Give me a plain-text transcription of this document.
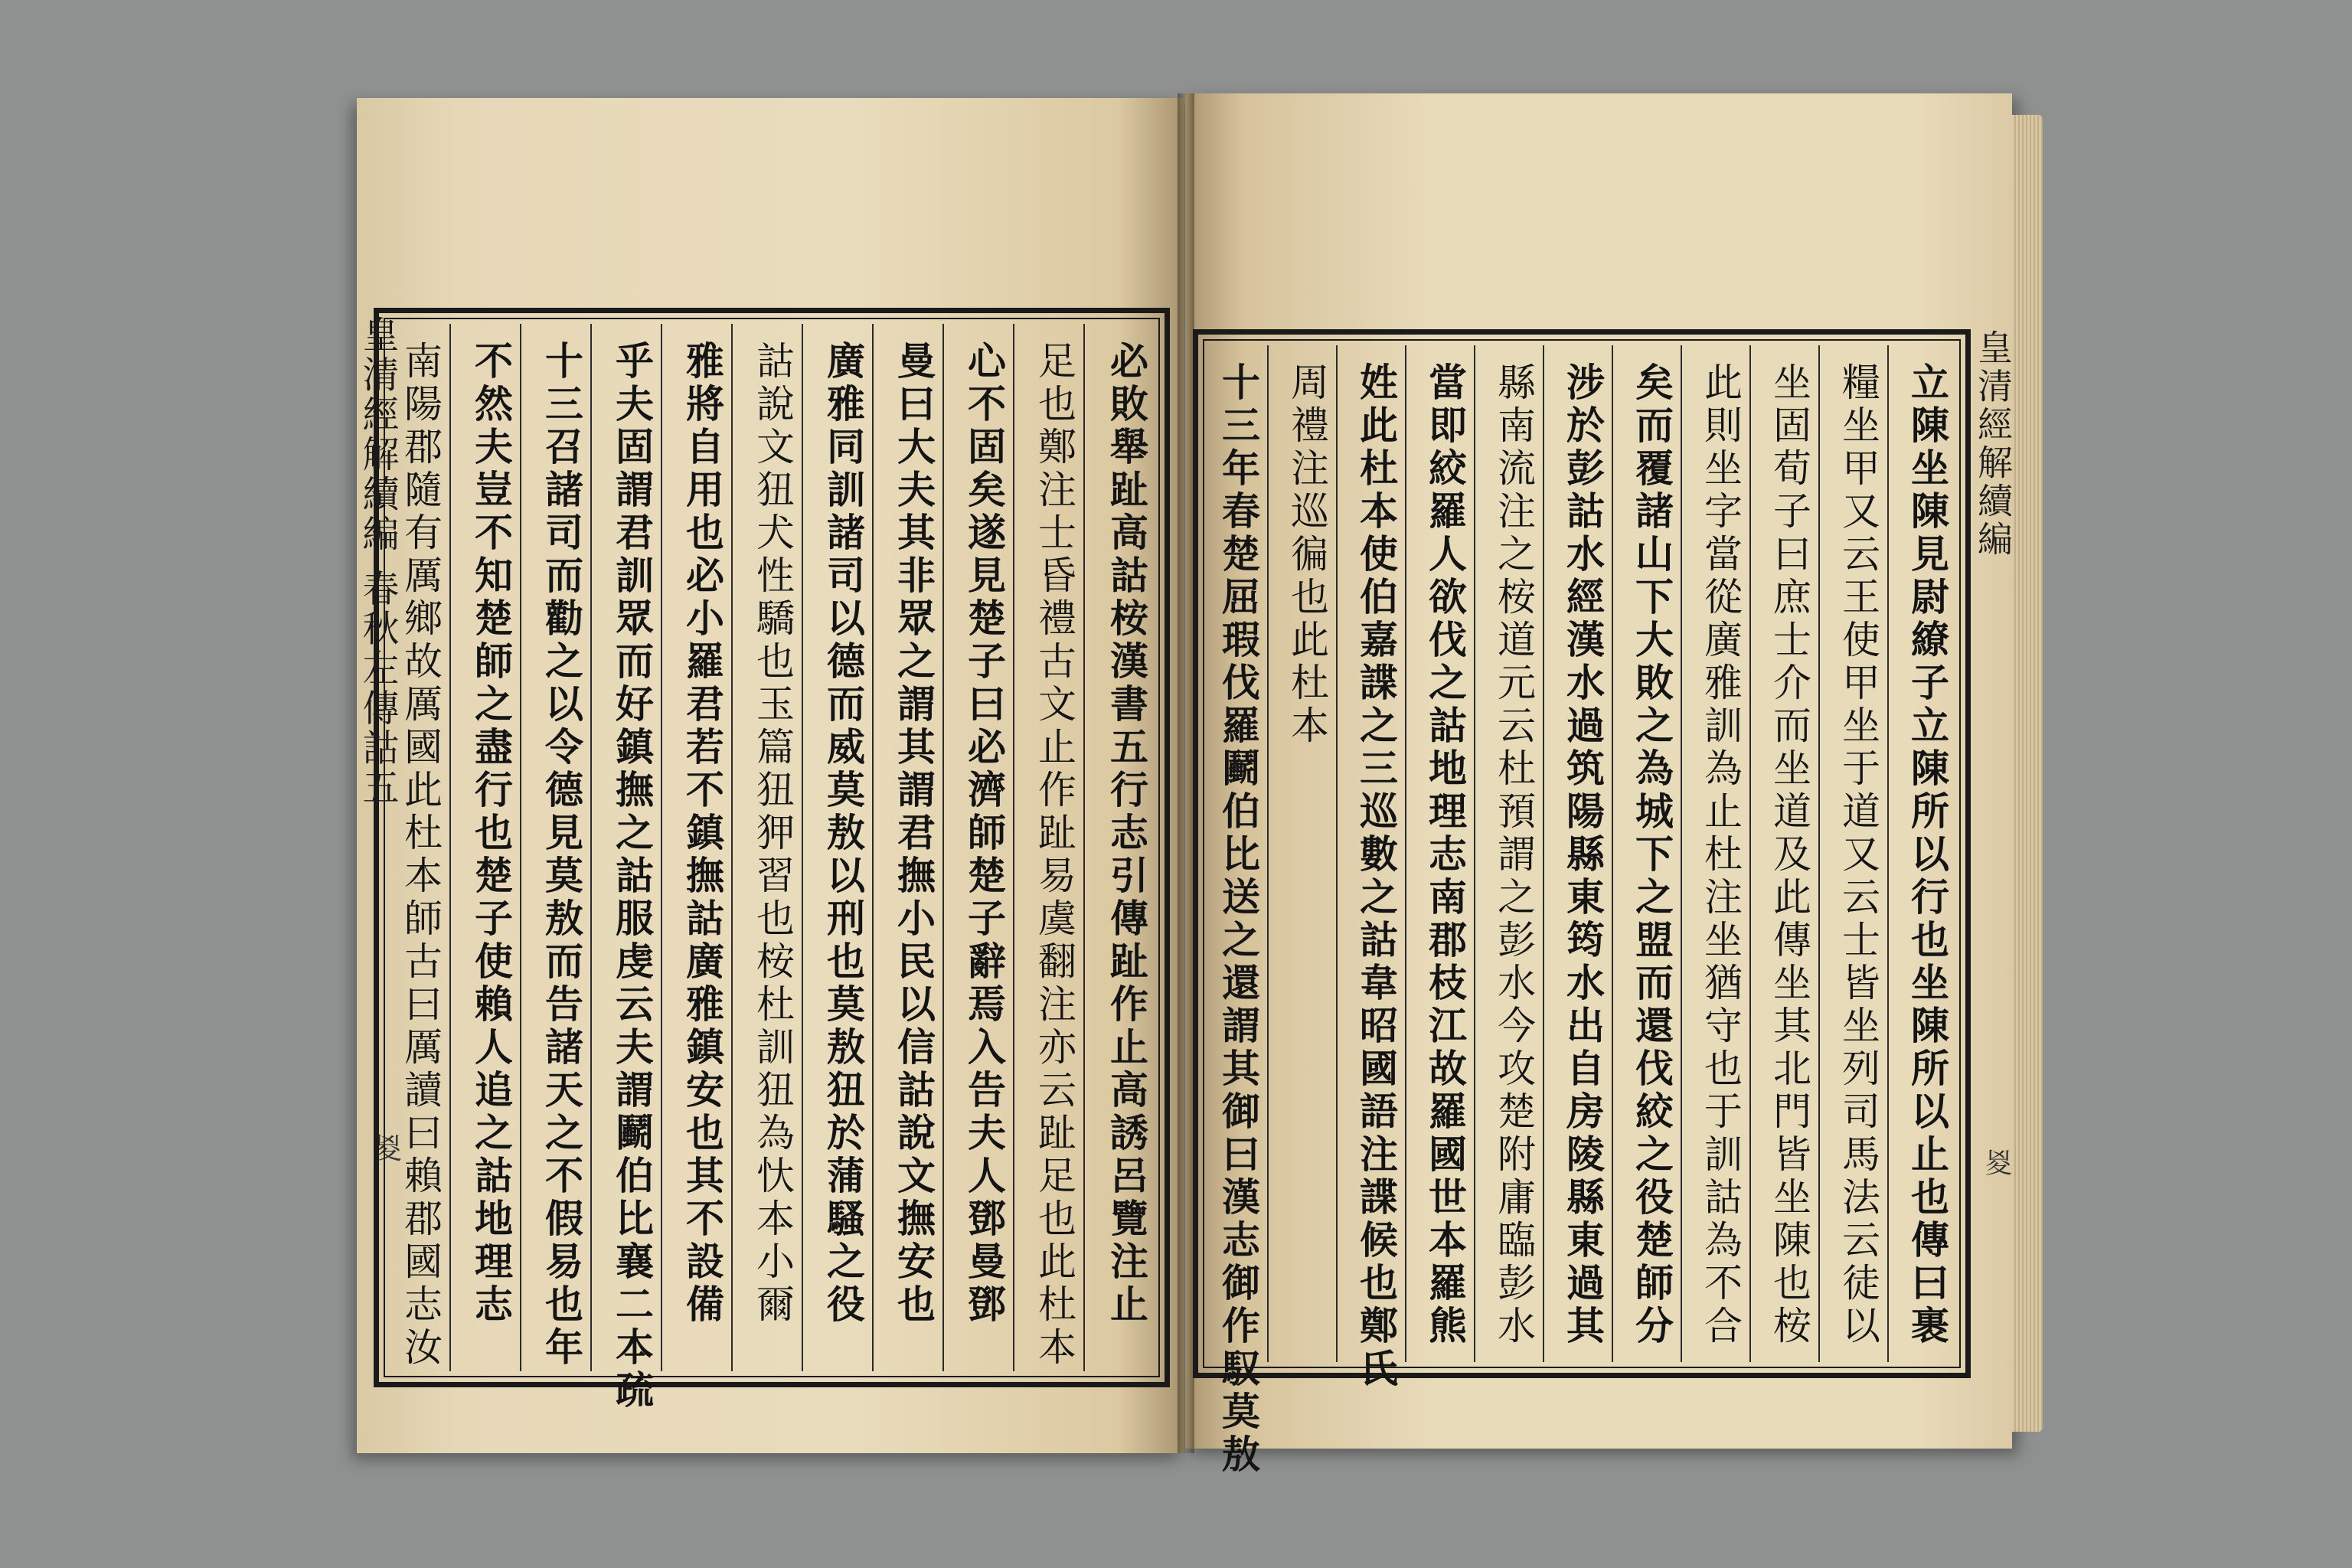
皇清經解續編 春秋左傳詁五
㚇	必敗舉趾高詁桉漢書五行志引傳趾作止高誘呂覽注止
足也鄭注士昏禮古文止作趾易虞翻注亦云趾足也此杜本
心不固矣遂見楚子曰必濟師楚子辭焉入告夫人鄧曼鄧
曼曰大夫其非眾之謂其謂君撫小民以信詁說文撫安也
廣雅同訓諸司以德而威莫敖以刑也莫敖狃於蒲騷之役
詁說文狃犬性驕也玉篇狃狎習也桉杜訓狃為忕本小爾
雅將自用也必小羅君若不鎮撫詁廣雅鎮安也其不設備
乎夫固謂君訓眾而好鎮撫之詁服虔云夫謂鬬伯比襄二本疏
十三召諸司而勸之以令德見莫敖而告諸天之不假易也年
不然夫豈不知楚師之盡行也楚子使賴人追之詁地理志
南陽郡隨有厲鄉故厲國此杜本師古曰厲讀曰賴郡國志汝	立陳坐陳見尉繚子立陳所以行也坐陳所以止也傳曰裹
糧坐甲又云王使甲坐于道又云士皆坐列司馬法云徒以
坐固荀子曰庶士介而坐道及此傳坐其北門皆坐陳也桉
此則坐字當從廣雅訓為止杜注坐猶守也于訓詁為不合
矣而覆諸山下大敗之為城下之盟而還伐絞之役楚師分
涉於彭詁水經漢水過筑陽縣東筠水出自房陵縣東過其
縣南流注之桉道元云杜預謂之彭水今攻楚附庸臨彭水
當即絞羅人欲伐之詁地理志南郡枝江故羅國世本羅熊
姓此杜本使伯嘉諜之三巡數之詁韋昭國語注諜候也鄭氏
周禮注巡徧也此杜本
十三年春楚屈瑕伐羅鬬伯比送之還謂其御曰漢志御作馭莫敖	皇清經解續編
㚇
